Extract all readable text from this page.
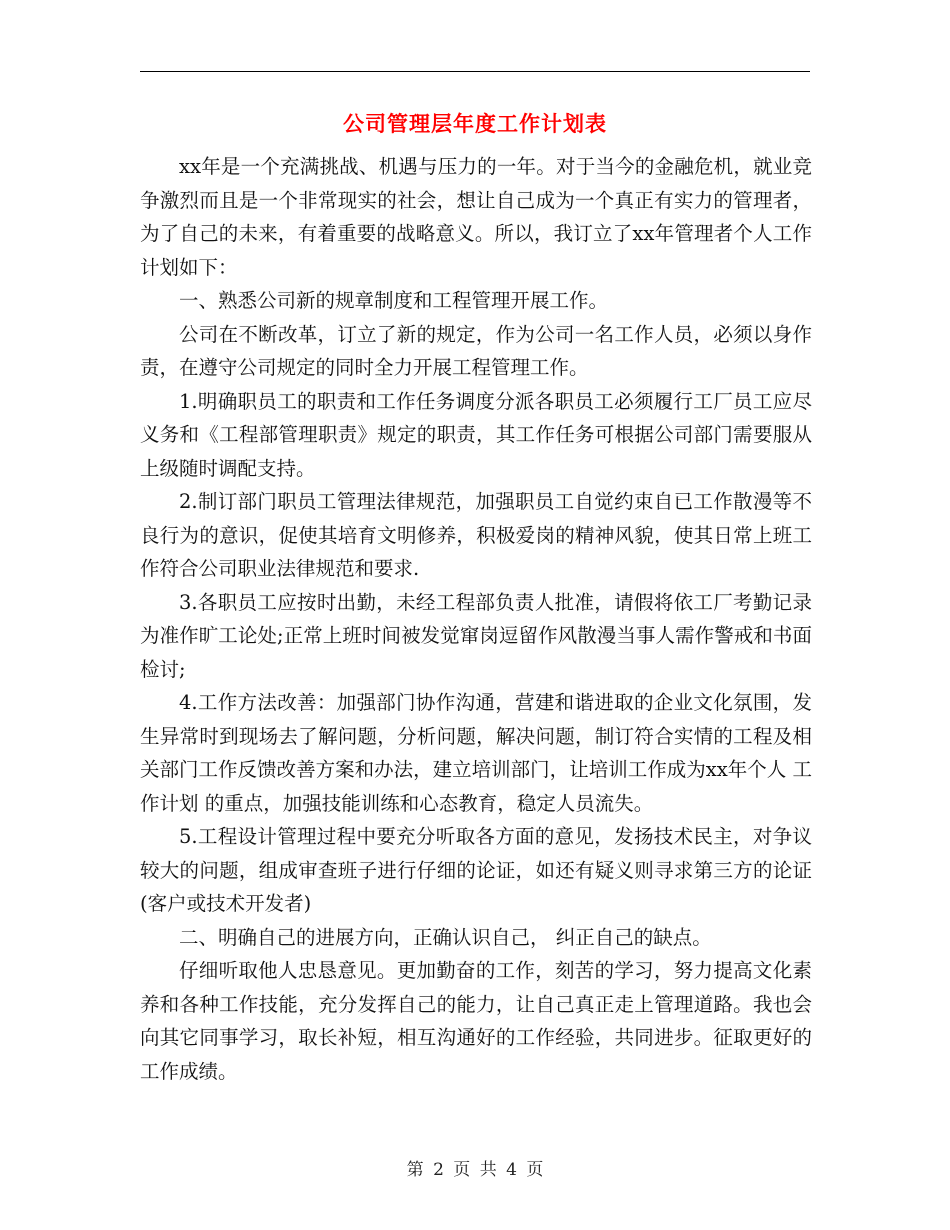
公司管理层年度工作计划表

xx年是一个充满挑战、机遇与压力的一年。对于当今的金融危机，就业竞争激烈而且是一个非常现实的社会，想让自己成为一个真正有实力的管理者，为了自己的未来，有着重要的战略意义。所以，我订立了xx年管理者个人工作计划如下：

一、熟悉公司新的规章制度和工程管理开展工作。

公司在不断改革，订立了新的规定，作为公司一名工作人员，必须以身作责，在遵守公司规定的同时全力开展工程管理工作。

1.明确职员工的职责和工作任务调度分派各职员工必须履行工厂员工应尽义务和《工程部管理职责》规定的职责，其工作任务可根据公司部门需要服从上级随时调配支持。

2.制订部门职员工管理法律规范，加强职员工自觉约束自已工作散漫等不良行为的意识，促使其培育文明修养，积极爱岗的精神风貌，使其日常上班工作符合公司职业法律规范和要求.

3.各职员工应按时出勤，未经工程部负责人批准，请假将依工厂考勤记录为准作旷工论处;正常上班时间被发觉窜岗逗留作风散漫当事人需作警戒和书面检讨;

4.工作方法改善：加强部门协作沟通，营建和谐进取的企业文化氛围，发生异常时到现场去了解问题，分析问题，解决问题，制订符合实情的工程及相关部门工作反馈改善方案和办法，建立培训部门，让培训工作成为xx年个人 工作计划 的重点，加强技能训练和心态教育，稳定人员流失。

5.工程设计管理过程中要充分听取各方面的意见，发扬技术民主，对争议较大的问题，组成审查班子进行仔细的论证，如还有疑义则寻求第三方的论证(客户或技术开发者)

二、明确自己的进展方向，正确认识自己， 纠正自己的缺点。

仔细听取他人忠恳意见。更加勤奋的工作，刻苦的学习，努力提高文化素养和各种工作技能，充分发挥自己的能力，让自己真正走上管理道路。我也会向其它同事学习，取长补短，相互沟通好的工作经验，共同进步。征取更好的工作成绩。

第 2 页 共 4 页
